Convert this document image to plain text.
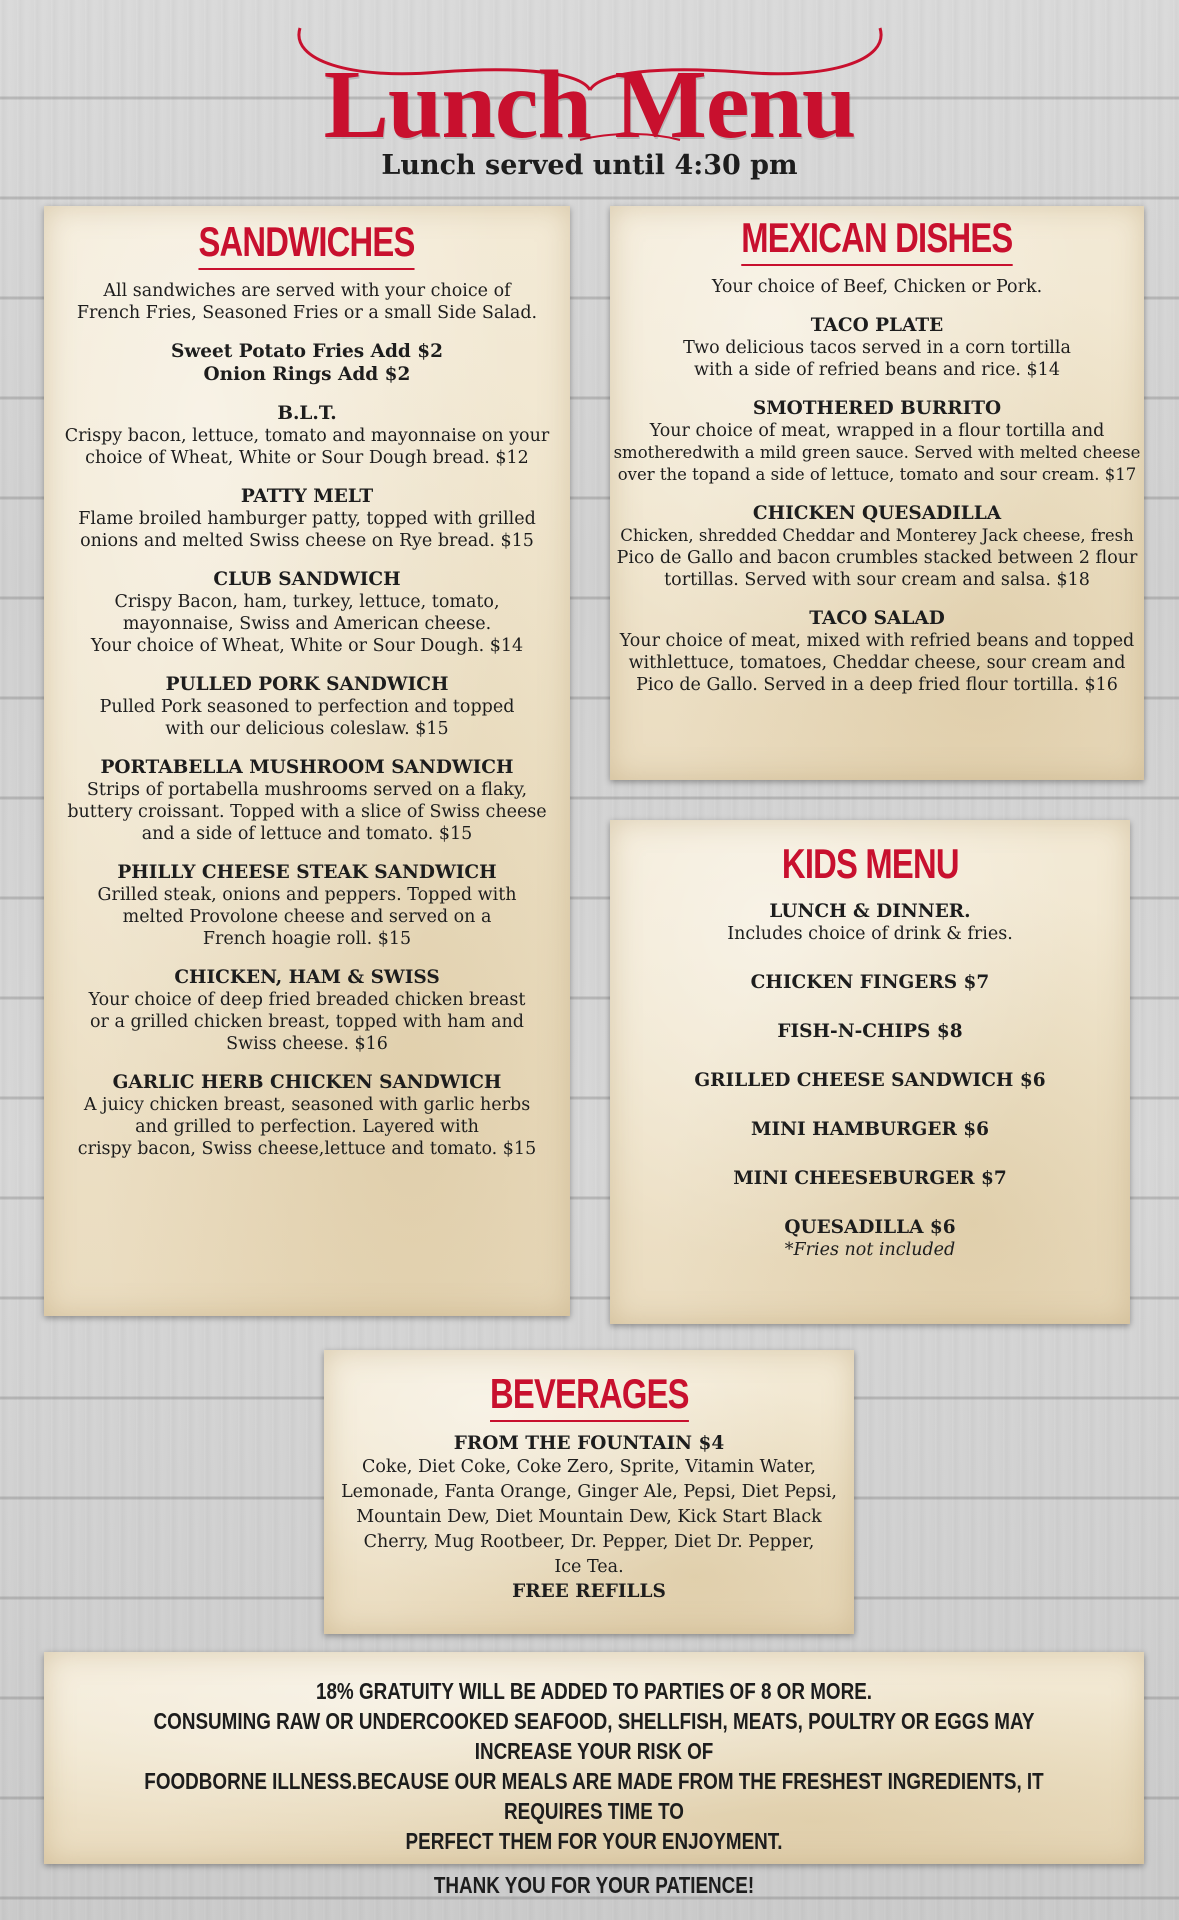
Lunch Menu
Lunch served until 4:30 pm
SANDWICHES

All sandwiches are served with your choice of

French Fries, Seasoned Fries or a small Side Salad.

Sweet Potato Fries Add $2

Onion Rings Add $2

B.L.T.

Crispy bacon, lettuce, tomato and mayonnaise on your

choice of Wheat, White or Sour Dough bread. $12

PATTY MELT

Flame broiled hamburger patty, topped with grilled

onions and melted Swiss cheese on Rye bread. $15

CLUB SANDWICH

Crispy Bacon, ham, turkey, lettuce, tomato,

mayonnaise, Swiss and American cheese.

Your choice of Wheat, White or Sour Dough. $14

PULLED PORK SANDWICH

Pulled Pork seasoned to perfection and topped

with our delicious coleslaw. $15

PORTABELLA MUSHROOM SANDWICH

Strips of portabella mushrooms served on a flaky,

buttery croissant. Topped with a slice of Swiss cheese

and a side of lettuce and tomato. $15

PHILLY CHEESE STEAK SANDWICH

Grilled steak, onions and peppers. Topped with

melted Provolone cheese and served on a

French hoagie roll. $15

CHICKEN, HAM & SWISS

Your choice of deep fried breaded chicken breast

or a grilled chicken breast, topped with ham and

Swiss cheese. $16

GARLIC HERB CHICKEN SANDWICH

A juicy chicken breast, seasoned with garlic herbs

and grilled to perfection. Layered with

crispy bacon, Swiss cheese,lettuce and tomato. $15

MEXICAN DISHES

Your choice of Beef, Chicken or Pork.

TACO PLATE

Two delicious tacos served in a corn tortilla

with a side of refried beans and rice. $14

SMOTHERED BURRITO

Your choice of meat, wrapped in a flour tortilla and

smotheredwith a mild green sauce. Served with melted cheese

over the topand a side of lettuce, tomato and sour cream. $17

CHICKEN QUESADILLA

Chicken, shredded Cheddar and Monterey Jack cheese, fresh

Pico de Gallo and bacon crumbles stacked between 2 flour

tortillas. Served with sour cream and salsa. $18

TACO SALAD

Your choice of meat, mixed with refried beans and topped

withlettuce, tomatoes, Cheddar cheese, sour cream and

Pico de Gallo. Served in a deep fried flour tortilla. $16

KIDS MENU

LUNCH & DINNER.

Includes choice of drink & fries.

CHICKEN FINGERS $7

FISH-N-CHIPS $8

GRILLED CHEESE SANDWICH $6

MINI HAMBURGER $6

MINI CHEESEBURGER $7

QUESADILLA $6

*Fries not included

BEVERAGES

FROM THE FOUNTAIN $4

Coke, Diet Coke, Coke Zero, Sprite, Vitamin Water,

Lemonade, Fanta Orange, Ginger Ale, Pepsi, Diet Pepsi,

Mountain Dew, Diet Mountain Dew, Kick Start Black

Cherry, Mug Rootbeer, Dr. Pepper, Diet Dr. Pepper,

Ice Tea.

FREE REFILLS

18% GRATUITY WILL BE ADDED TO PARTIES OF 8 OR MORE.
CONSUMING RAW OR UNDERCOOKED SEAFOOD, SHELLFISH, MEATS, POULTRY OR EGGS MAY INCREASE YOUR RISK OF
FOODBORNE ILLNESS.BECAUSE OUR MEALS ARE MADE FROM THE FRESHEST INGREDIENTS, IT REQUIRES TIME TO
PERFECT THEM FOR YOUR ENJOYMENT.
THANK YOU FOR YOUR PATIENCE!
